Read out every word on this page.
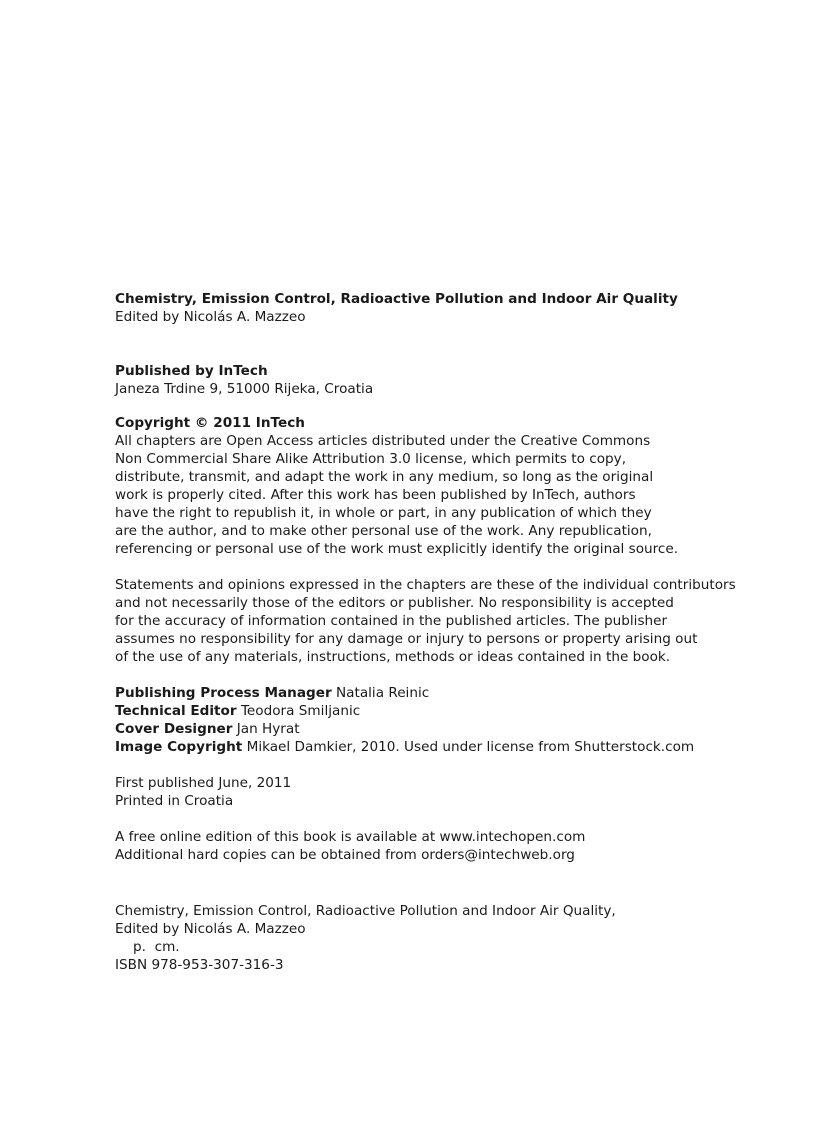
Chemistry, Emission Control, Radioactive Pollution and Indoor Air Quality
Edited by Nicolás A. Mazzeo
Published by InTech
Janeza Trdine 9, 51000 Rijeka, Croatia
Copyright © 2011 InTech
All chapters are Open Access articles distributed under the Creative Commons
Non Commercial Share Alike Attribution 3.0 license, which permits to copy,
distribute, transmit, and adapt the work in any medium, so long as the original
work is properly cited. After this work has been published by InTech, authors
have the right to republish it, in whole or part, in any publication of which they
are the author, and to make other personal use of the work. Any republication,
referencing or personal use of the work must explicitly identify the original source.
Statements and opinions expressed in the chapters are these of the individual contributors
and not necessarily those of the editors or publisher. No responsibility is accepted
for the accuracy of information contained in the published articles. The publisher
assumes no responsibility for any damage or injury to persons or property arising out
of the use of any materials, instructions, methods or ideas contained in the book.
Publishing Process Manager Natalia Reinic
Technical Editor Teodora Smiljanic
Cover Designer Jan Hyrat
Image Copyright Mikael Damkier, 2010. Used under license from Shutterstock.com
First published June, 2011
Printed in Croatia
A free online edition of this book is available at www.intechopen.com
Additional hard copies can be obtained from orders@intechweb.org
Chemistry, Emission Control, Radioactive Pollution and Indoor Air Quality,
Edited by Nicolás A. Mazzeo
p.  cm.
ISBN 978-953-307-316-3
